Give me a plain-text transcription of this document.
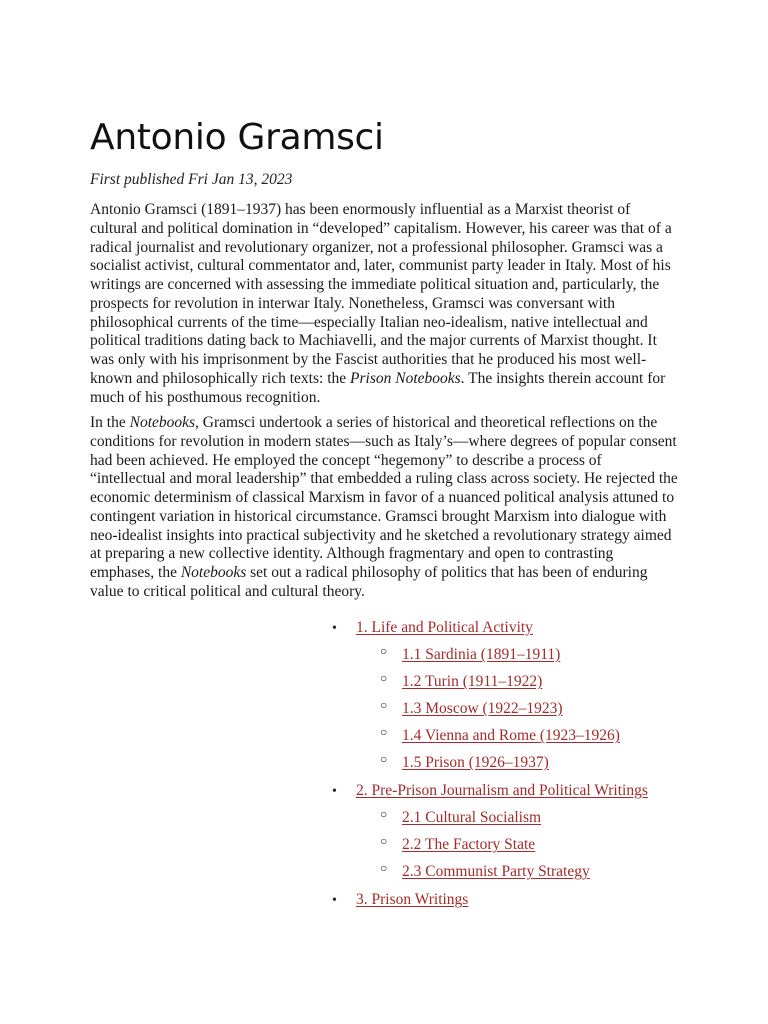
Antonio Gramsci

First published Fri Jan 13, 2023

Antonio Gramsci (1891–1937) has been enormously influential as a Marxist theorist of cultural and political domination in “developed” capitalism. However, his career was that of a radical journalist and revolutionary organizer, not a professional philosopher. Gramsci was a socialist activist, cultural commentator and, later, communist party leader in Italy. Most of his writings are concerned with assessing the immediate political situation and, particularly, the prospects for revolution in interwar Italy. Nonetheless, Gramsci was conversant with philosophical currents of the time—especially Italian neo-idealism, native intellectual and political traditions dating back to Machiavelli, and the major currents of Marxist thought. It was only with his imprisonment by the Fascist authorities that he produced his most well-known and philosophically rich texts: the Prison Notebooks. The insights therein account for much of his posthumous recognition.

In the Notebooks, Gramsci undertook a series of historical and theoretical reflections on the conditions for revolution in modern states—such as Italy’s—where degrees of popular consent had been achieved. He employed the concept “hegemony” to describe a process of “intellectual and moral leadership” that embedded a ruling class across society. He rejected the economic determinism of classical Marxism in favor of a nuanced political analysis attuned to contingent variation in historical circumstance. Gramsci brought Marxism into dialogue with neo-idealist insights into practical subjectivity and he sketched a revolutionary strategy aimed at preparing a new collective identity. Although fragmentary and open to contrasting emphases, the Notebooks set out a radical philosophy of politics that has been of enduring value to critical political and cultural theory.

• 1. Life and Political Activity
○ 1.1 Sardinia (1891–1911)
○ 1.2 Turin (1911–1922)
○ 1.3 Moscow (1922–1923)
○ 1.4 Vienna and Rome (1923–1926)
○ 1.5 Prison (1926–1937)
• 2. Pre-Prison Journalism and Political Writings
○ 2.1 Cultural Socialism
○ 2.2 The Factory State
○ 2.3 Communist Party Strategy
• 3. Prison Writings
